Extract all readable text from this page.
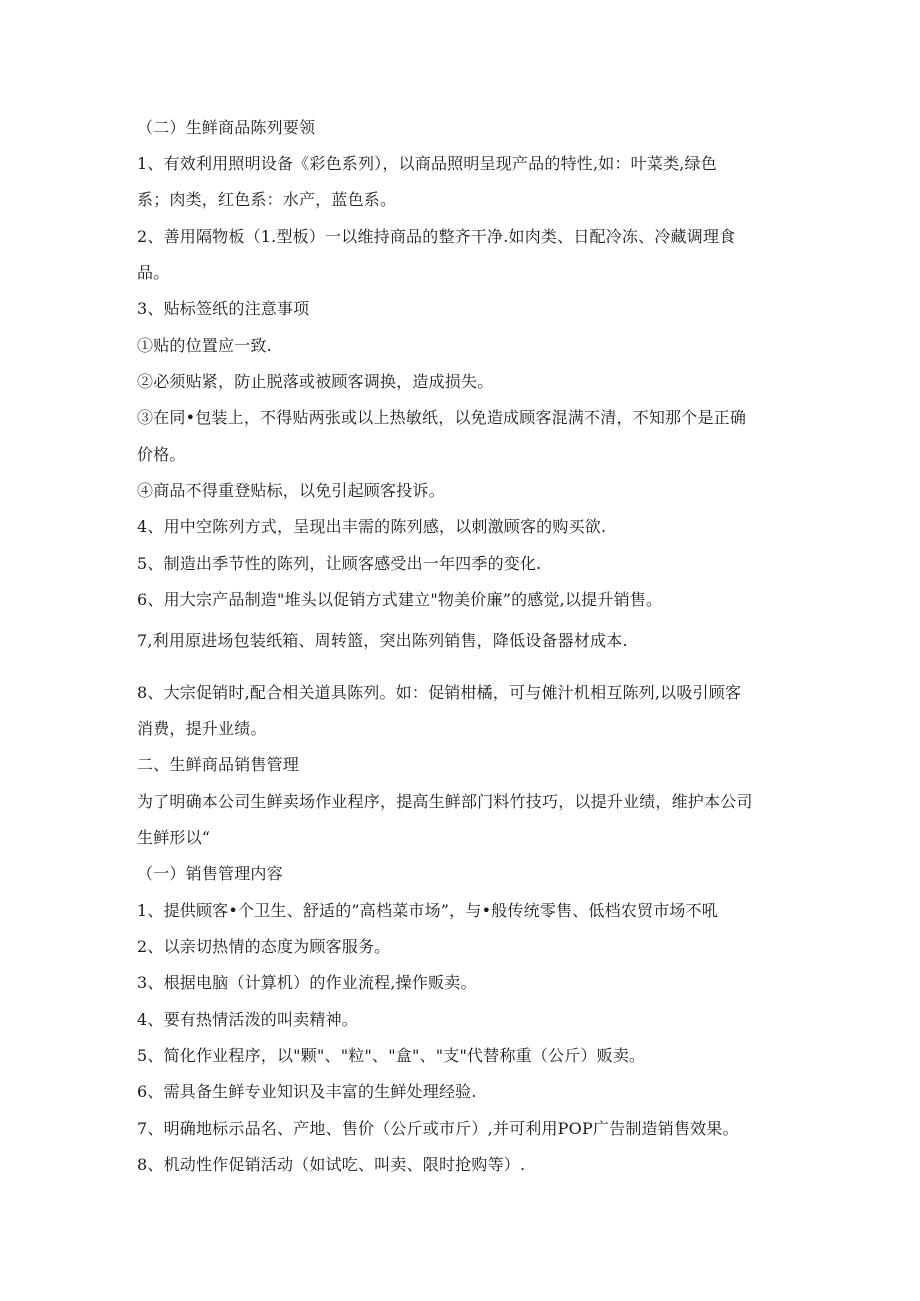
（二）生鲜商品陈列要领
1、有效利用照明设备《彩色系列），以商品照明呈现产品的特性,如：叶菜类,绿色
系；肉类，红色系：水产，蓝色系。
2、善用隔物板（1.型板）一以维持商品的整齐干净.如肉类、日配冷冻、冷藏调理食
品。
3、贴标签纸的注意事项
①贴的位置应一致.
②必须贴紧，防止脱落或被顾客调换，造成损失。
③在同•包装上，不得贴两张或以上热敏纸，以免造成顾客混满不清，不知那个是正确
价格。
④商品不得重登贴标，以免引起顾客投诉。
4、用中空陈列方式，呈现出丰需的陈列感，以刺激顾客的购买欲.
5、制造出季节性的陈列，让顾客感受出一年四季的变化.
6、用大宗产品制造"堆头以促销方式建立"物美价廉”的感觉,以提升销售。
7,利用原进场包装纸箱、周转篮，突出陈列销售，降低设备器材成本.
8、大宗促销时,配合相关道具陈列。如：促销柑橘，可与傩汁机相互陈列,以吸引顾客
消费，提升业绩。
二、生鲜商品销售管理
为了明确本公司生鲜卖场作业程序，提高生鲜部门料竹技巧，以提升业绩，维护本公司
生鲜形以“
（一）销售管理内容
1、提供顾客•个卫生、舒适的”高档菜市场”，与•般传统零售、低档农贸市场不吼
2、以亲切热情的态度为顾客服务。
3、根据电脑（计算机）的作业流程,操作贩卖。
4、要有热情活泼的叫卖精神。
5、简化作业程序，以"颗"、"粒"、"盒"、"支"代替称重（公斤）贩卖。
6、需具备生鲜专业知识及丰富的生鲜处理经验.
7、明确地标示品名、产地、售价（公斤或市斤）,并可利用POP广告制造销售效果。
8、机动性作促销活动（如试吃、叫卖、限时抢购等）.
